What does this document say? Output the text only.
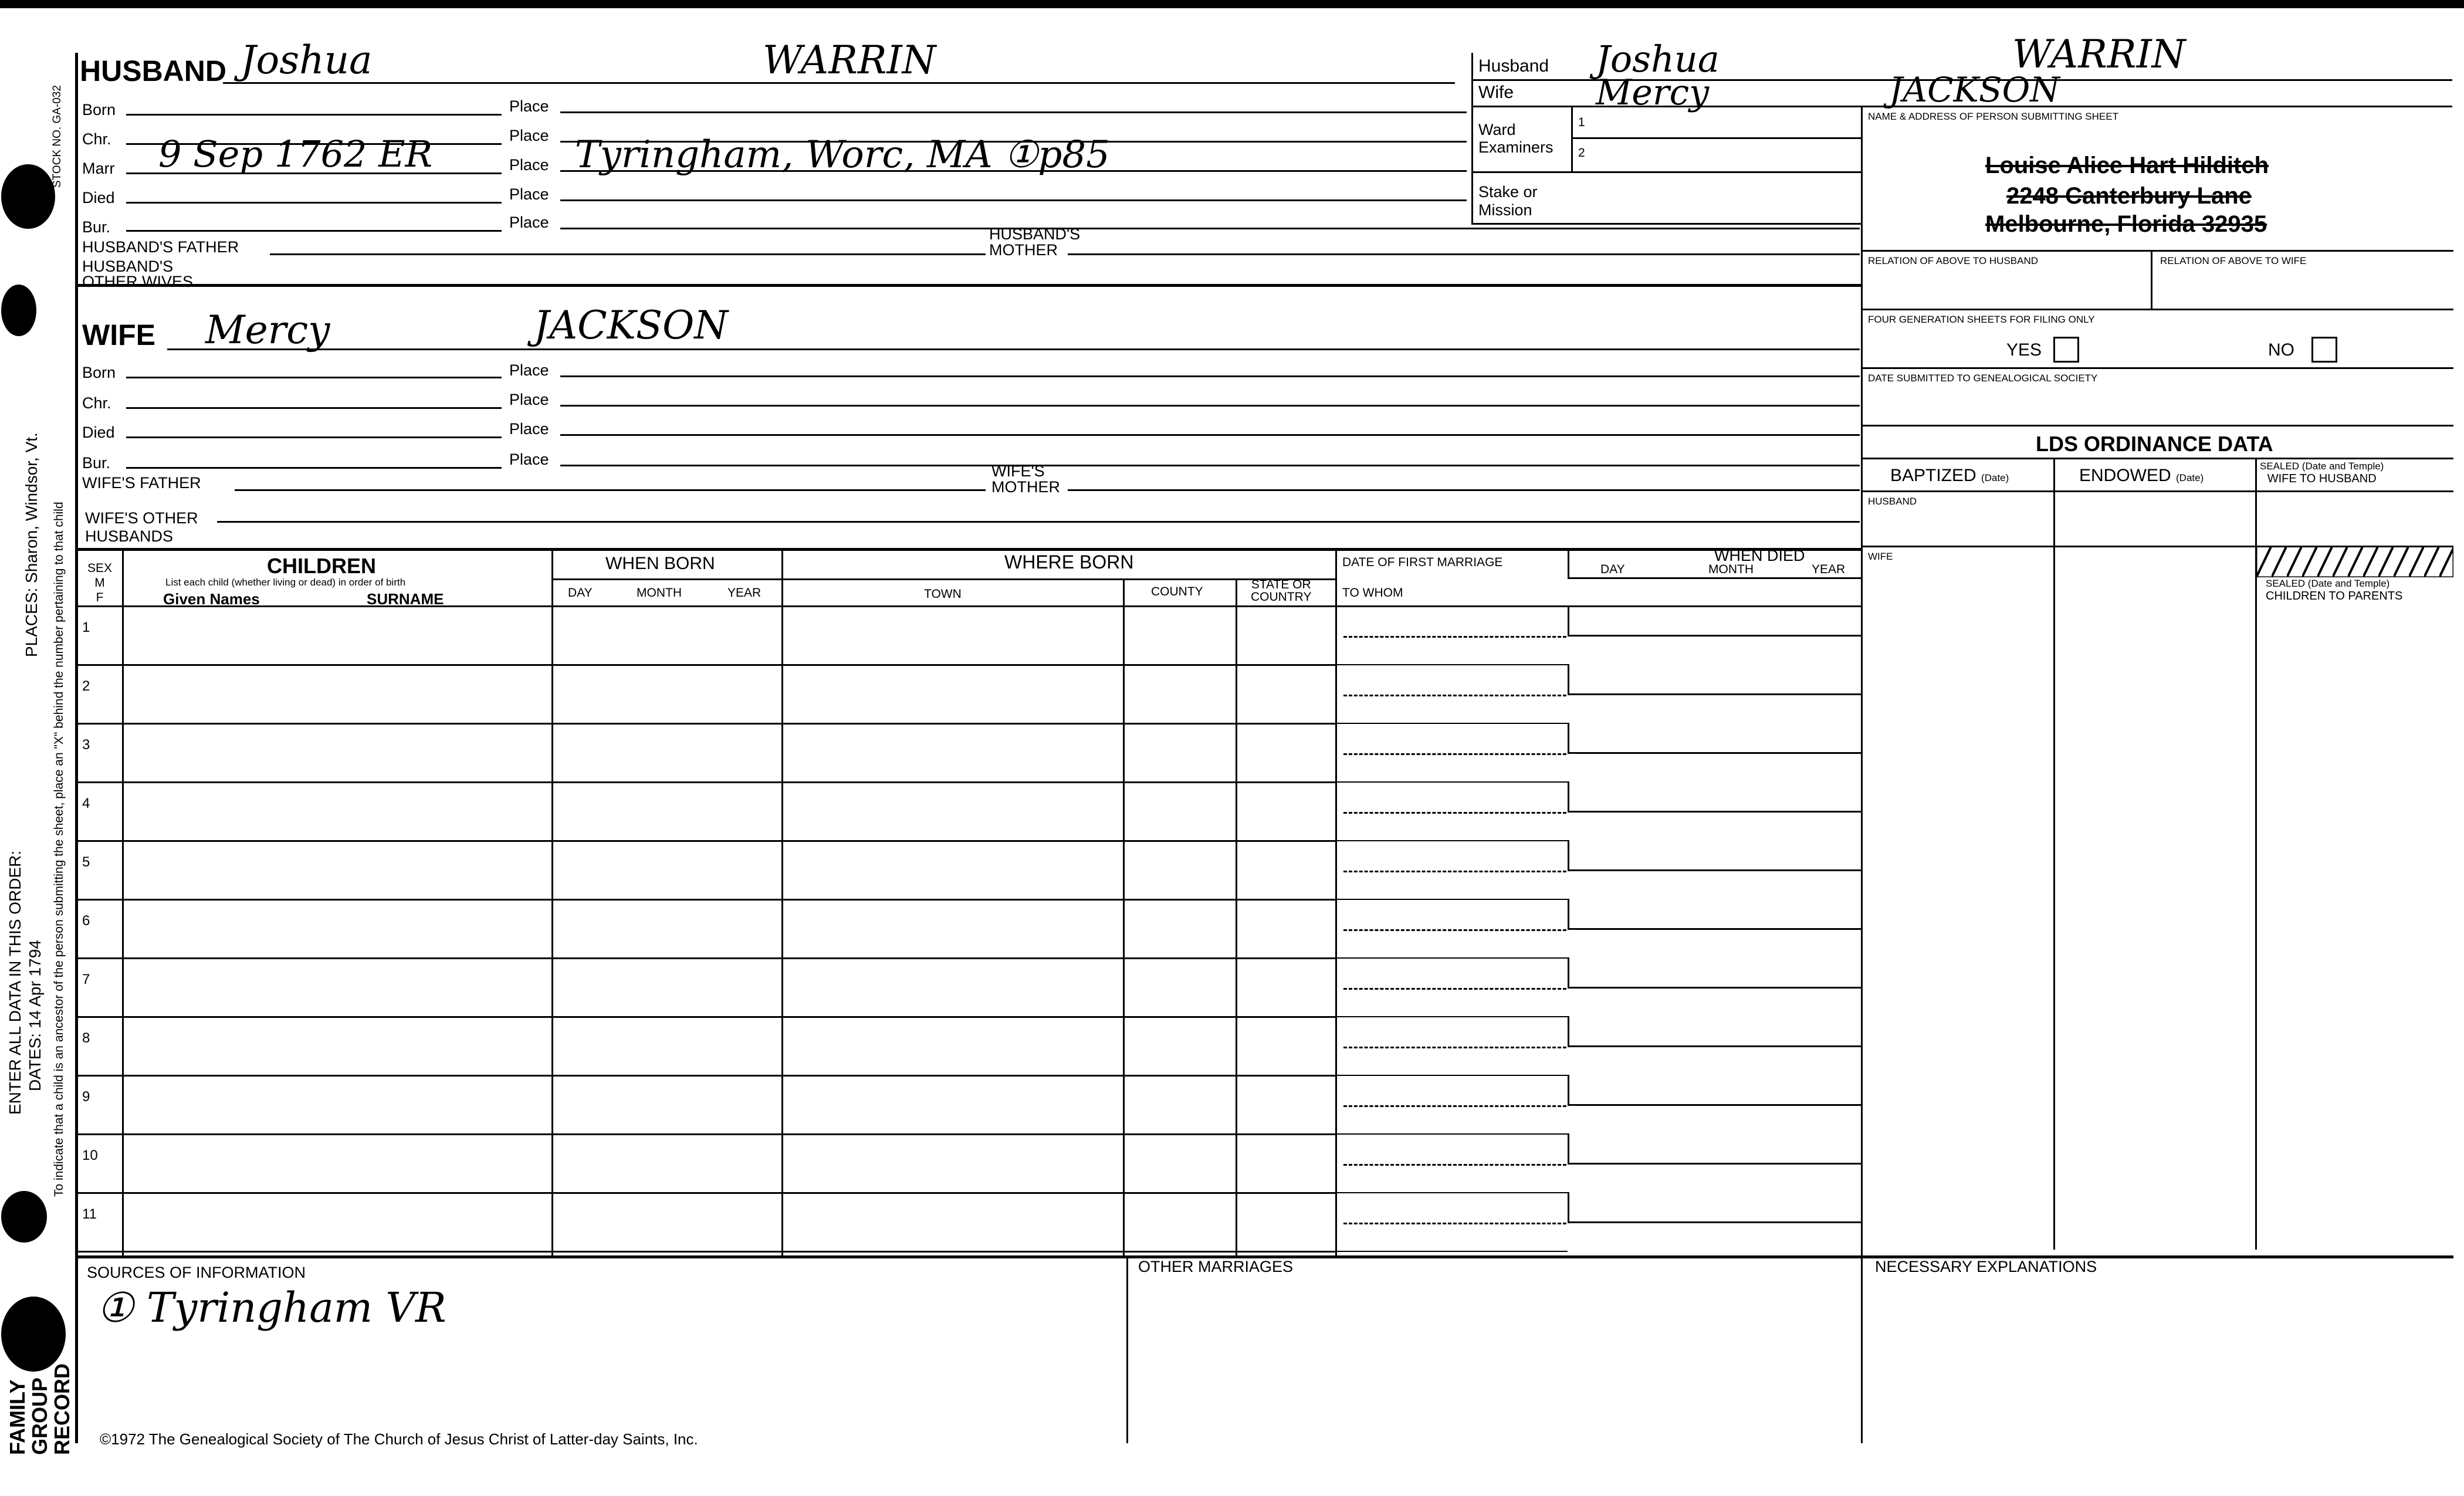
STOCK NO. GA-032
PLACES: Sharon, Windsor, Vt. To indicate that a child is an ancestor of the person submitting the sheet, place an "X" behind the number pertaining to that child
ENTER ALL DATA IN THIS ORDER: DATES: 14 Apr 1794
FAMILY
GROUP
RECORD
HUSBAND Joshua	WARRIN
Born	Place
Chr.	Place
Marr 9 Sep 1762 ER	Place Tyringham, Worc, MA ①p85
Died	Place
Bur.	Place
HUSBAND'S FATHER
HUSBAND'S
MOTHER
HUSBAND'S
OTHER WIVES
Husband Joshua	WARRIN
Wife Mercy	JACKSON
Ward
Examiners
1
2
Stake or
Mission
NAME & ADDRESS OF PERSON SUBMITTING SHEET
Louise Alice Hart Hilditch
2248 Canterbury Lane
Melbourne, Florida 32935
RELATION OF ABOVE TO HUSBAND	RELATION OF ABOVE TO WIFE
FOUR GENERATION SHEETS FOR FILING ONLY
YES	NO
DATE SUBMITTED TO GENEALOGICAL SOCIETY
LDS ORDINANCE DATA
BAPTIZED (Date)	ENDOWED (Date)
SEALED (Date and Temple)
WIFE TO HUSBAND
HUSBAND
WIFE
SEALED (Date and Temple)
CHILDREN TO PARENTS
WIFE Mercy	JACKSON
Born	Place
Chr.	Place
Died	Place
Bur.	Place
WIFE'S FATHER
WIFE'S
MOTHER
WIFE'S OTHER
HUSBANDS
SEX
M
F
CHILDREN
List each child (whether living or dead) in order of birth
Given Names	SURNAME
WHEN BORN
DAY	MONTH	YEAR
WHERE BORN
TOWN	COUNTY
STATE OR
COUNTRY
DATE OF FIRST MARRIAGE
TO WHOM
WHEN DIED
DAY	MONTH	YEAR
1
2
3
4
5
6
7
8
9
10
11
SOURCES OF INFORMATION
① Tyringham VR
OTHER MARRIAGES	NECESSARY EXPLANATIONS
©1972 The Genealogical Society of The Church of Jesus Christ of Latter-day Saints, Inc.
